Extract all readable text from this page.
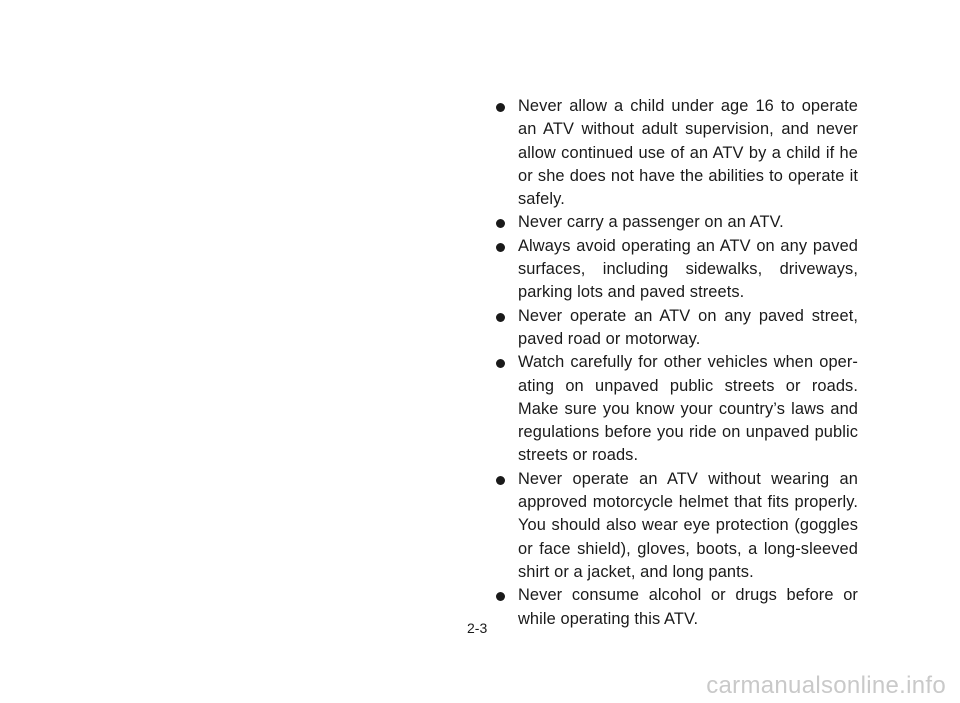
Never allow a child under age 16 to operate an ATV without adult supervision, and never allow continued use of an ATV by a child if he or she does not have the abilities to operate it safely.
Never carry a passenger on an ATV.
Always avoid operating an ATV on any paved surfaces, including sidewalks, driveways, parking lots and paved streets.
Never operate an ATV on any paved street, paved road or motorway.
Watch carefully for other vehicles when oper-ating on unpaved public streets or roads. Make sure you know your country’s laws and regulations before you ride on unpaved public streets or roads.
Never operate an ATV without wearing an approved motorcycle helmet that fits properly. You should also wear eye protection (goggles or face shield), gloves, boots, a long-sleeved shirt or a jacket, and long pants.
Never consume alcohol or drugs before or while operating this ATV.
2-3
carmanualsonline.info
